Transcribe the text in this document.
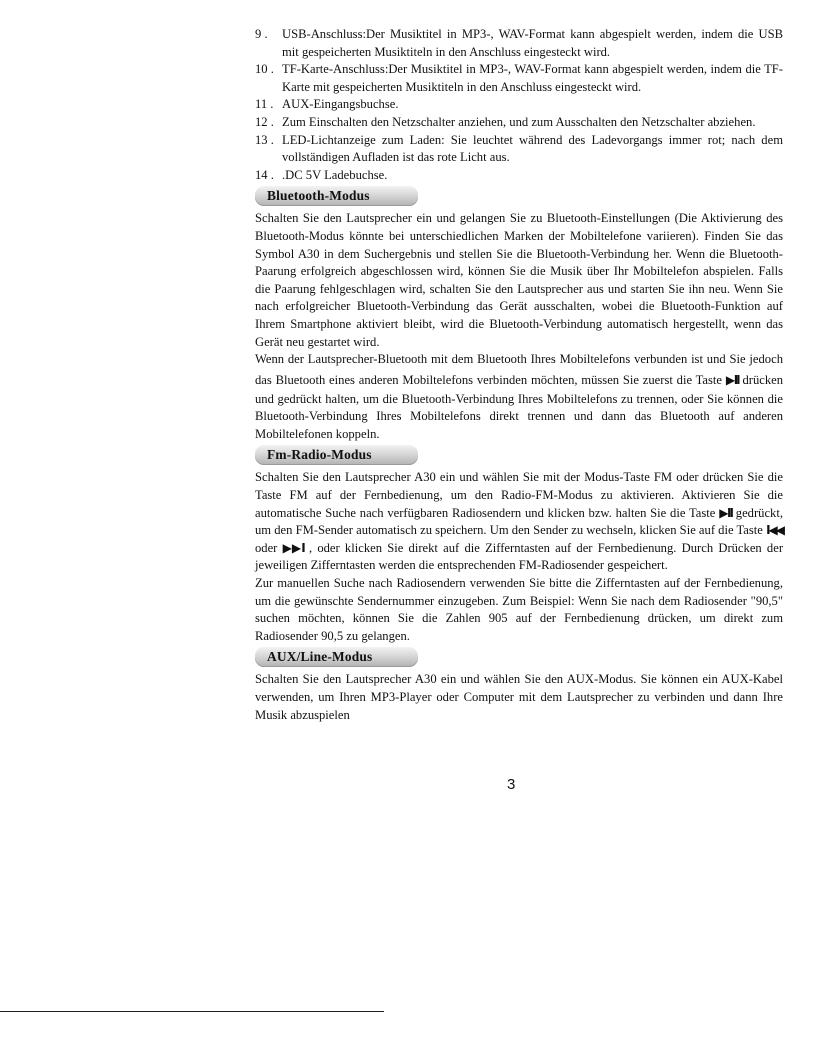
9 .	USB-Anschluss:Der Musiktitel in MP3-, WAV-Format kann abgespielt werden, indem die USB mit gespeicherten Musiktiteln in den Anschluss eingesteckt wird.
10 . TF-Karte-Anschluss:Der Musiktitel in MP3-, WAV-Format kann abgespielt werden, indem die TF-Karte mit gespeicherten Musiktiteln in den Anschluss eingesteckt wird.
11 . AUX-Eingangsbuchse.
12 . Zum Einschalten den Netzschalter anziehen, und zum Ausschalten den Netzschalter abziehen.
13 . LED-Lichtanzeige zum Laden: Sie leuchtet während des Ladevorgangs immer rot; nach dem vollständigen Aufladen ist das rote Licht aus.
14 . .DC 5V Ladebuchse.
Bluetooth-Modus

Schalten Sie den Lautsprecher ein und gelangen Sie zu Bluetooth-Einstellungen (Die Aktivierung des Bluetooth-Modus könnte bei unterschiedlichen Marken der Mobiltelefone variieren). Finden Sie das Symbol A30 in dem Suchergebnis und stellen Sie die Bluetooth-Verbindung her. Wenn die Bluetooth-Paarung erfolgreich abgeschlossen wird, können Sie die Musik über Ihr Mobiltelefon abspielen. Falls die Paarung fehlgeschlagen wird, schalten Sie den Lautsprecher aus und starten Sie ihn neu. Wenn Sie nach erfolgreicher Bluetooth-Verbindung das Gerät ausschalten, wobei die Bluetooth-Funktion auf Ihrem Smartphone aktiviert bleibt, wird die Bluetooth-Verbindung automatisch hergestellt, wenn das Gerät neu gestartet wird.

Wenn der Lautsprecher-Bluetooth mit dem Bluetooth Ihres Mobiltelefons verbunden ist und Sie jedoch das Bluetooth eines anderen Mobiltelefons verbinden möchten, müssen Sie zuerst die Taste ▶II drücken und gedrückt halten, um die Bluetooth-Verbindung Ihres Mobiltelefons zu trennen, oder Sie können die Bluetooth-Verbindung Ihres Mobiltelefons direkt trennen und dann das Bluetooth auf anderen Mobiltelefonen koppeln.

Fm-Radio-Modus

Schalten Sie den Lautsprecher A30 ein und wählen Sie mit der Modus-Taste FM oder drücken Sie die Taste FM auf der Fernbedienung, um den Radio-FM-Modus zu aktivieren. Aktivieren Sie die automatische Suche nach verfügbaren Radiosendern und klicken bzw. halten Sie die Taste ▶II gedrückt, um den FM-Sender automatisch zu speichern. Um den Sender zu wechseln, klicken Sie auf die Taste I◀◀ oder ▶▶I , oder klicken Sie direkt auf die Zifferntasten auf der Fernbedienung. Durch Drücken der jeweiligen Zifferntasten werden die entsprechenden FM-Radiosender gespeichert.

Zur manuellen Suche nach Radiosendern verwenden Sie bitte die Zifferntasten auf der Fernbedienung, um die gewünschte Sendernummer einzugeben. Zum Beispiel: Wenn Sie nach dem Radiosender "90,5" suchen möchten, können Sie die Zahlen 905 auf der Fernbedienung drücken, um direkt zum Radiosender 90,5 zu gelangen.

AUX/Line-Modus

Schalten Sie den Lautsprecher A30 ein und wählen Sie den AUX-Modus. Sie können ein AUX-Kabel verwenden, um Ihren MP3-Player oder Computer mit dem Lautsprecher zu verbinden und dann Ihre Musik abzuspielen

3
